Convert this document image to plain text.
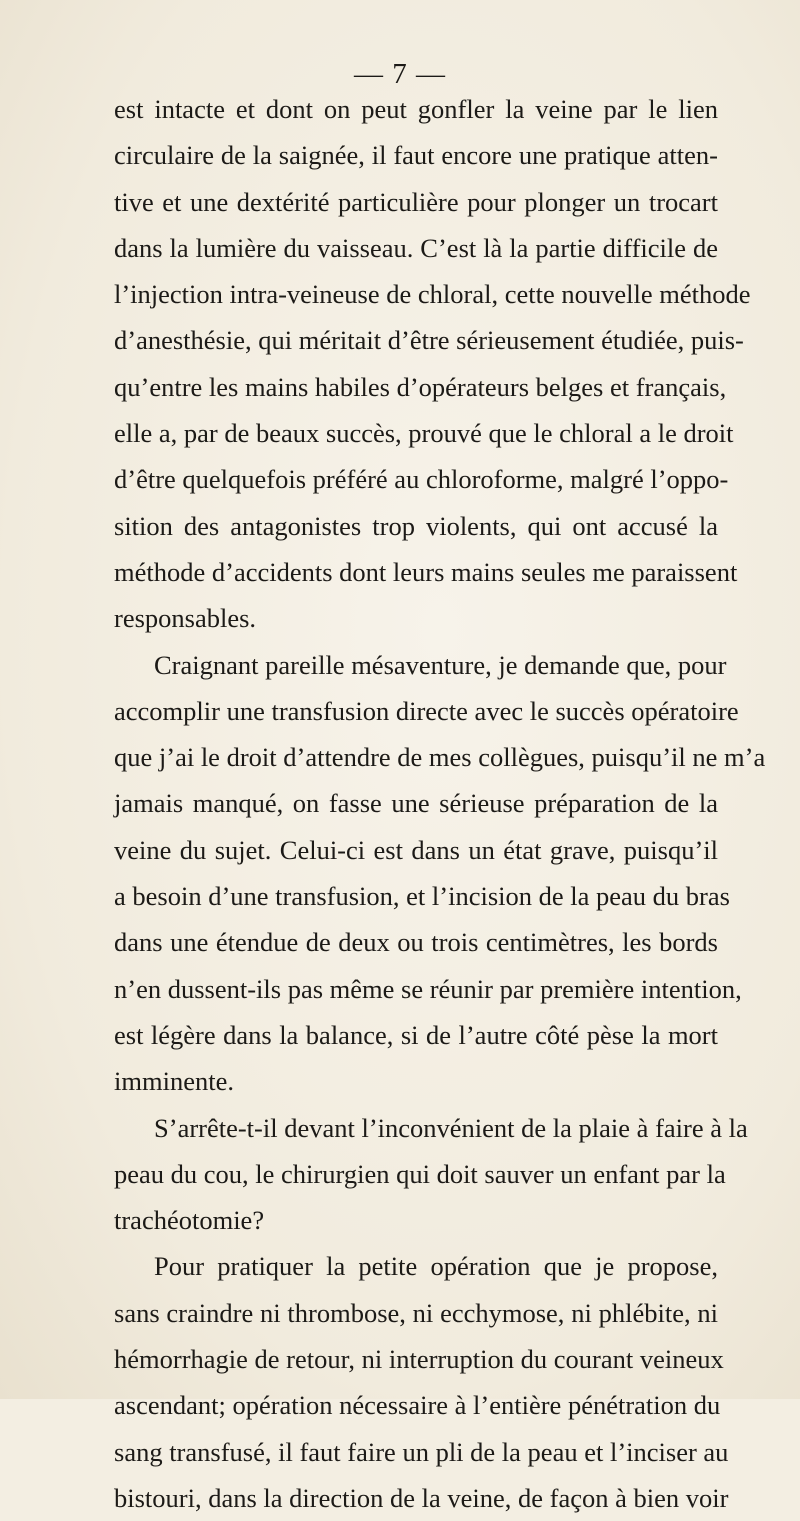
— 7 —
est intacte et dont on peut gonfler la veine par le lien
circulaire de la saignée, il faut encore une pratique atten-
tive et une dextérité particulière pour plonger un trocart
dans la lumière du vaisseau. C’est là la partie difficile de
l’injection intra-veineuse de chloral, cette nouvelle méthode
d’anesthésie, qui méritait d’être sérieusement étudiée, puis-
qu’entre les mains habiles d’opérateurs belges et français,
elle a, par de beaux succès, prouvé que le chloral a le droit
d’être quelquefois préféré au chloroforme, malgré l’oppo-
sition des antagonistes trop violents, qui ont accusé la
méthode d’accidents dont leurs mains seules me paraissent
responsables.
Craignant pareille mésaventure, je demande que, pour
accomplir une transfusion directe avec le succès opératoire
que j’ai le droit d’attendre de mes collègues, puisqu’il ne m’a
jamais manqué, on fasse une sérieuse préparation de la
veine du sujet. Celui-ci est dans un état grave, puisqu’il
a besoin d’une transfusion, et l’incision de la peau du bras
dans une étendue de deux ou trois centimètres, les bords
n’en dussent-ils pas même se réunir par première intention,
est légère dans la balance, si de l’autre côté pèse la mort
imminente.
S’arrête-t-il devant l’inconvénient de la plaie à faire à la
peau du cou, le chirurgien qui doit sauver un enfant par la
trachéotomie?
Pour pratiquer la petite opération que je propose,
sans craindre ni thrombose, ni ecchymose, ni phlébite, ni
hémorrhagie de retour, ni interruption du courant veineux
ascendant; opération nécessaire à l’entière pénétration du
sang transfusé, il faut faire un pli de la peau et l’inciser au
bistouri, dans la direction de la veine, de façon à bien voir
